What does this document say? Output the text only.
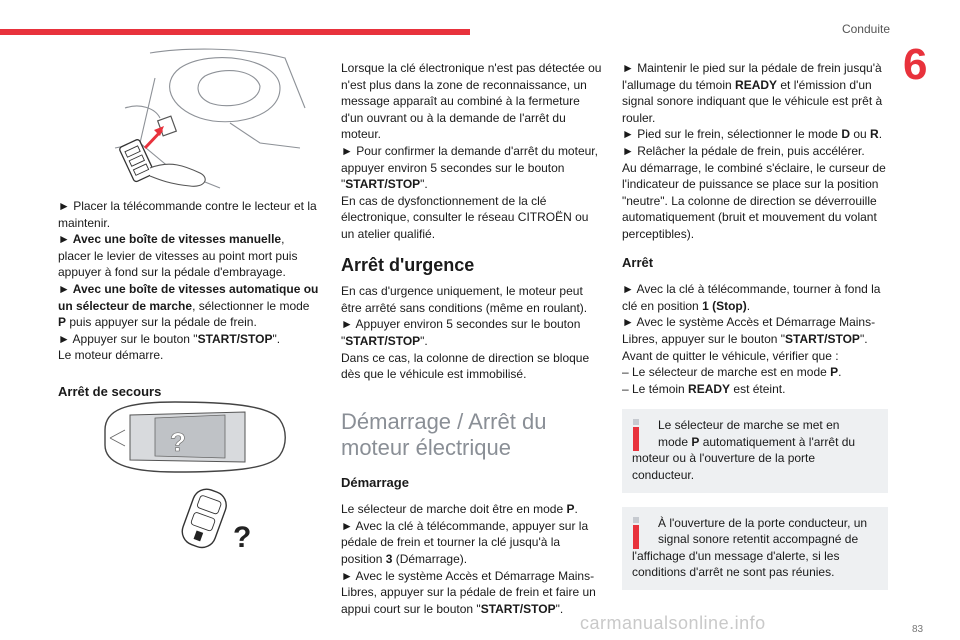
Conduite
6

► Placer la télécommande contre le lecteur et la maintenir.

► Avec une boîte de vitesses manuelle, placer le levier de vitesses au point mort puis appuyer à fond sur la pédale d'embrayage.

► Avec une boîte de vitesses automatique ou un sélecteur de marche, sélectionner le mode P puis appuyer sur la pédale de frein.

► Appuyer sur le bouton "START/STOP".

Le moteur démarre.

Arrêt de secours
?
?

Lorsque la clé électronique n'est pas détectée ou n'est plus dans la zone de reconnaissance, un message apparaît au combiné à la fermeture d'un ouvrant ou à la demande de l'arrêt du moteur.

► Pour confirmer la demande d'arrêt du moteur, appuyer environ 5 secondes sur le bouton "START/STOP".

En cas de dysfonctionnement de la clé électronique, consulter le réseau CITROËN ou un atelier qualifié.

Arrêt d'urgence

En cas d'urgence uniquement, le moteur peut être arrêté sans conditions (même en roulant).

► Appuyer environ 5 secondes sur le bouton "START/STOP".

Dans ce cas, la colonne de direction se bloque dès que le véhicule est immobilisé.

Démarrage / Arrêt du moteur électrique
Démarrage

Le sélecteur de marche doit être en mode P.

► Avec la clé à télécommande, appuyer sur la pédale de frein et tourner la clé jusqu'à la position 3 (Démarrage).

► Avec le système Accès et Démarrage Mains-Libres, appuyer sur la pédale de frein et faire un appui court sur le bouton "START/STOP".

► Maintenir le pied sur la pédale de frein jusqu'à l'allumage du témoin READY et l'émission d'un signal sonore indiquant que le véhicule est prêt à rouler.

► Pied sur le frein, sélectionner le mode D ou R.

► Relâcher la pédale de frein, puis accélérer.

Au démarrage, le combiné s'éclaire, le curseur de l'indicateur de puissance se place sur la position "neutre". La colonne de direction se déverrouille automatiquement (bruit et mouvement du volant perceptibles).

Arrêt

► Avec la clé à télécommande, tourner à fond la clé en position 1 (Stop).

► Avec le système Accès et Démarrage Mains-Libres, appuyer sur le bouton "START/STOP".

Avant de quitter le véhicule, vérifier que :

– Le sélecteur de marche est en mode P.

– Le témoin READY est éteint.

Le sélecteur de marche se met en
mode P automatiquement à l'arrêt du moteur ou à l'ouverture de la porte conducteur.
À l'ouverture de la porte conducteur, un
signal sonore retentit accompagné de l'affichage d'un message d'alerte, si les conditions d'arrêt ne sont pas réunies.
carmanualsonline.info	83
